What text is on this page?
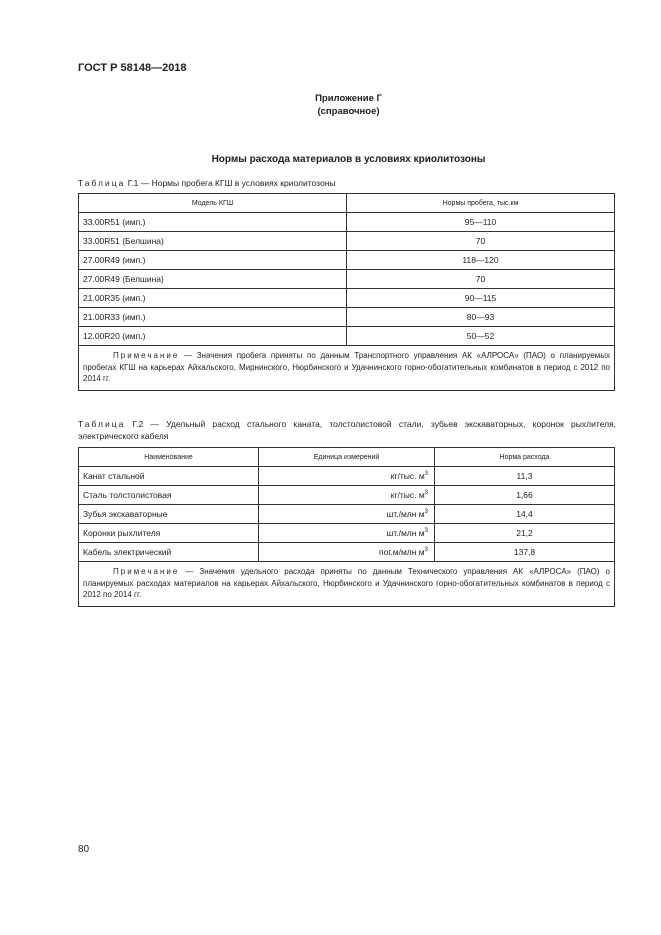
ГОСТ Р 58148—2018
Приложение Г
(справочное)
Нормы расхода материалов в условиях криолитозоны
Таблица Г.1 — Нормы пробега КГШ в условиях криолитозоны
Модель КГШ	Нормы пробега, тыс.км
33.00R51 (имп.)	95—110
33.00R51 (Белшина)	70
27.00R49 (имп.)	118—120
27.00R49 (Белшина)	70
21.00R35 (имп.)	90—115
21.00R33 (имп.)	80—93
12.00R20 (имп.)	50—52
Примечание — Значения пробега приняты по данным Транспортного управления АК «АЛРОСА» (ПАО) о планируемых пробегах КГШ на карьерах Айхальского, Мирнинского, Нюрбинского и Удачнинского горно-обогатительных комбинатов в период с 2012 по 2014 гг.	
Таблица Г.2 — Удельный расход стального каната, толстолистовой стали, зубьев экскаваторных, коронок рыхлителя, электрического кабеля
Наименование	Единица измерений	Норма расхода
Канат стальной	кг/тыс. $м^3$	11,3
Сталь толстолистовая	кг/тыс. $м^3$	1,66
Зубья экскаваторные	шт./млн $м^3$	14,4
Коронки рыхлителя	шт./млн $м^3$	21,2
Кабель электрический	пог.м/млн $м^3$	137,8
Примечание — Значения удельного расхода приняты по данным Технического управления АК «АЛРОСА» (ПАО) о планируемых расходах материалов на карьерах Айхальского, Нюрбинского и Удачнинского горно-обогатительных комбинатов в период с 2012 по 2014 гг.		
80
